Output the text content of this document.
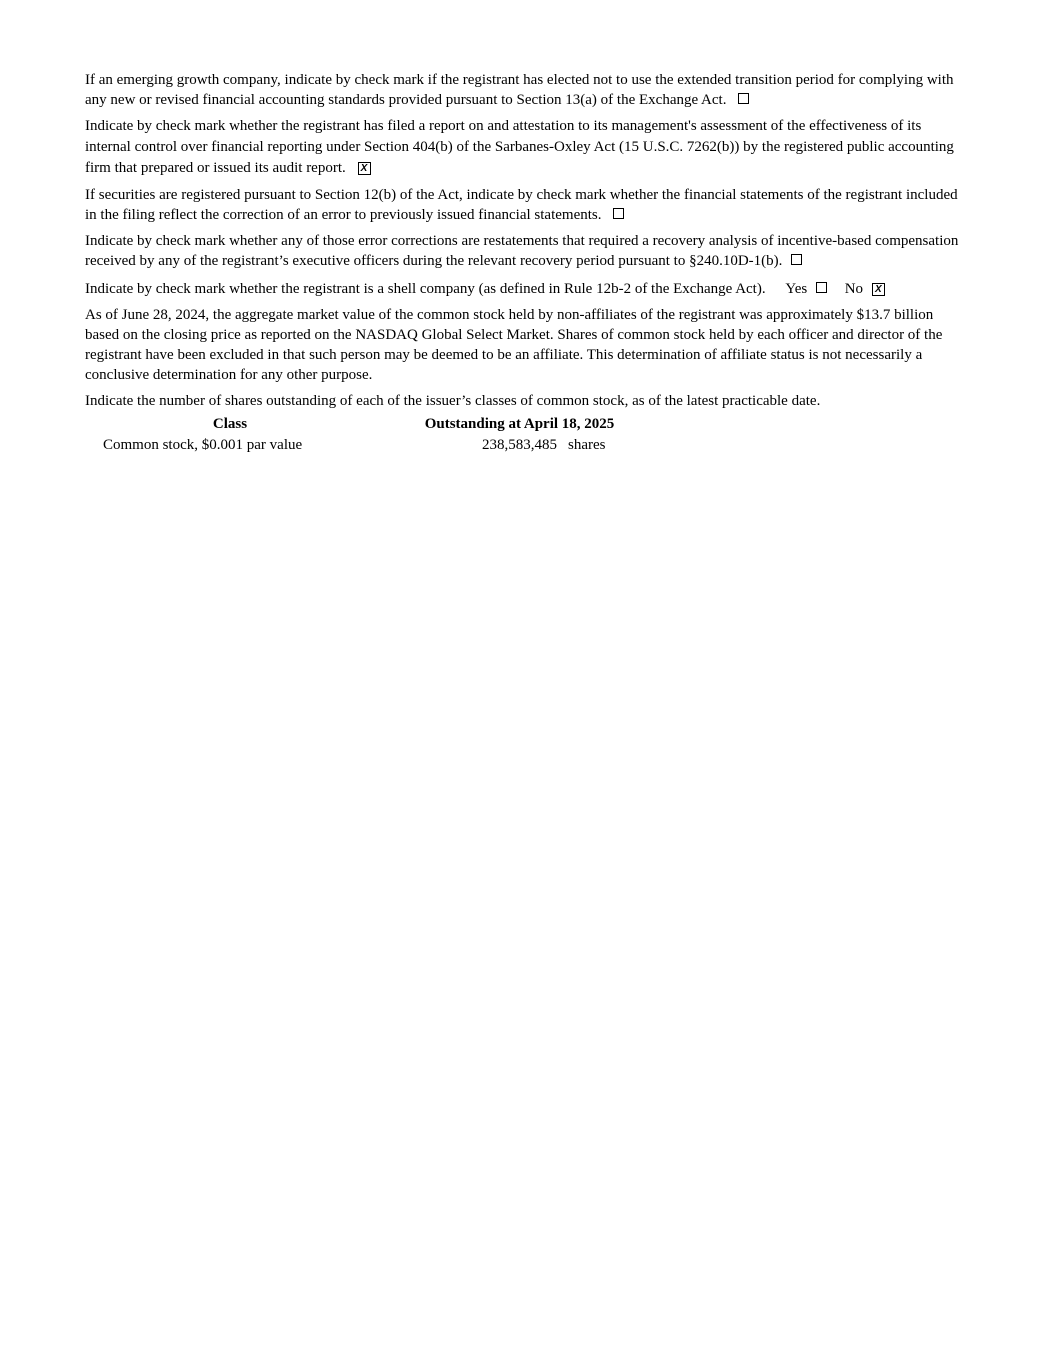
If an emerging growth company, indicate by check mark if the registrant has elected not to use the extended transition period for complying with any new or revised financial accounting standards provided pursuant to Section 13(a) of the Exchange Act.

Indicate by check mark whether the registrant has filed a report on and attestation to its management's assessment of the effectiveness of its internal control over financial reporting under Section 404(b) of the Sarbanes-Oxley Act (15 U.S.C. 7262(b)) by the registered public accounting firm that prepared or issued its audit report. X

If securities are registered pursuant to Section 12(b) of the Act, indicate by check mark whether the financial statements of the registrant included in the filing reflect the correction of an error to previously issued financial statements.

Indicate by check mark whether any of those error corrections are restatements that required a recovery analysis of incentive-based compensation received by any of the registrant’s executive officers during the relevant recovery period pursuant to §240.10D-1(b).

Indicate by check mark whether the registrant is a shell company (as defined in Rule 12b-2 of the Exchange Act). Yes	No X

As of June 28, 2024, the aggregate market value of the common stock held by non-affiliates of the registrant was approximately $13.7 billion based on the closing price as reported on the NASDAQ Global Select Market. Shares of common stock held by each officer and director of the registrant have been excluded in that such person may be deemed to be an affiliate. This determination of affiliate status is not necessarily a conclusive determination for any other purpose.

Indicate the number of shares outstanding of each of the issuer’s classes of common stock, as of the latest practicable date.

Class	Outstanding at April 18, 2025	
Common stock, $0.001 par value	238,583,485	shares
